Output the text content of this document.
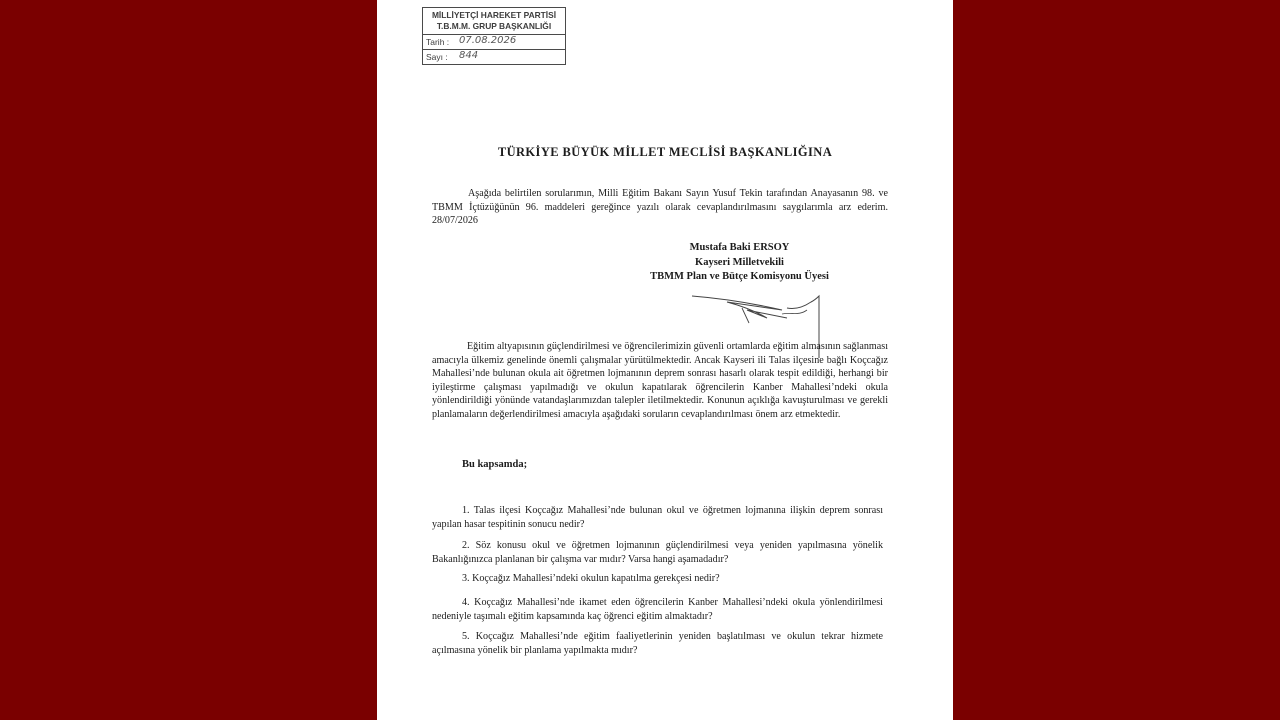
MİLLİYETÇİ HAREKET PARTİSİ
T.B.M.M. GRUP BAŞKANLIĞI
Tarih : 07.08.2026
Sayı : 844
TÜRKİYE BÜYÜK MİLLET MECLİSİ BAŞKANLIĞINA

Aşağıda belirtilen sorularımın, Milli Eğitim Bakanı Sayın Yusuf Tekin tarafından Anayasanın 98. ve TBMM İçtüzüğünün 96. maddeleri gereğince yazılı olarak cevaplandırılmasını saygılarımla arz ederim. 28/07/2026

Mustafa Baki ERSOY
Kayseri Milletvekili
TBMM Plan ve Bütçe Komisyonu Üyesi

Eğitim altyapısının güçlendirilmesi ve öğrencilerimizin güvenli ortamlarda eğitim almasının sağlanması amacıyla ülkemiz genelinde önemli çalışmalar yürütülmektedir. Ancak Kayseri ili Talas ilçesine bağlı Koçcağız Mahallesi’nde bulunan okula ait öğretmen lojmanının deprem sonrası hasarlı olarak tespit edildiği, herhangi bir iyileştirme çalışması yapılmadığı ve okulun kapatılarak öğrencilerin Kanber Mahallesi’ndeki okula yönlendirildiği yönünde vatandaşlarımızdan talepler iletilmektedir. Konunun açıklığa kavuşturulması ve gerekli planlamaların değerlendirilmesi amacıyla aşağıdaki soruların cevaplandırılması önem arz etmektedir.

Bu kapsamda;

1. Talas ilçesi Koçcağız Mahallesi’nde bulunan okul ve öğretmen lojmanına ilişkin deprem sonrası yapılan hasar tespitinin sonucu nedir?

2. Söz konusu okul ve öğretmen lojmanının güçlendirilmesi veya yeniden yapılmasına yönelik Bakanlığınızca planlanan bir çalışma var mıdır? Varsa hangi aşamadadır?

3. Koçcağız Mahallesi’ndeki okulun kapatılma gerekçesi nedir?

4. Koçcağız Mahallesi’nde ikamet eden öğrencilerin Kanber Mahallesi’ndeki okula yönlendirilmesi nedeniyle taşımalı eğitim kapsamında kaç öğrenci eğitim almaktadır?

5. Koçcağız Mahallesi’nde eğitim faaliyetlerinin yeniden başlatılması ve okulun tekrar hizmete açılmasına yönelik bir planlama yapılmakta mıdır?
